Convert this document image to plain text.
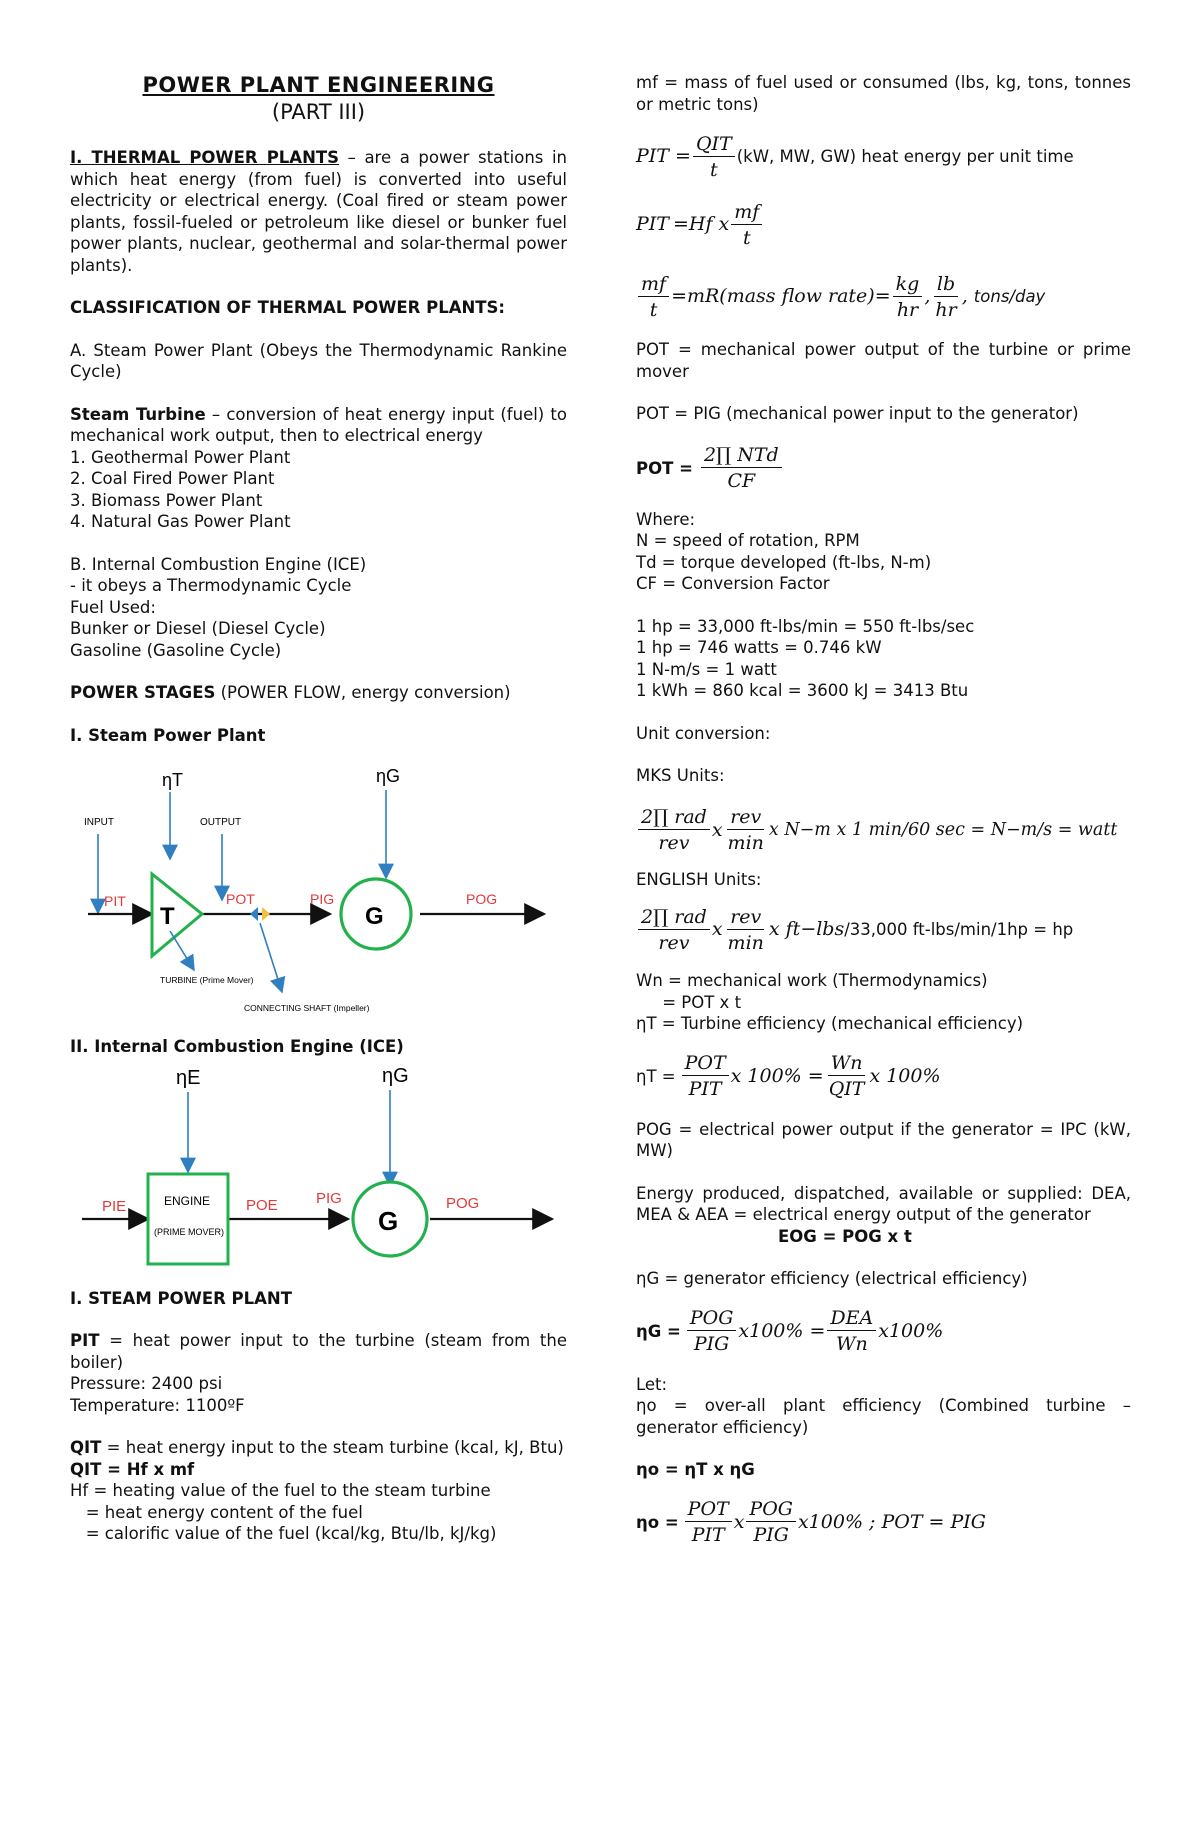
POWER PLANT ENGINEERING

(PART III)

I. THERMAL POWER PLANTS – are a power stations in which heat energy (from fuel) is converted into useful electricity or electrical energy. (Coal fired or steam power plants, fossil-fueled or petroleum like diesel or bunker fuel power plants, nuclear, geothermal and solar-thermal power plants).

CLASSIFICATION OF THERMAL POWER PLANTS:

A. Steam Power Plant (Obeys the Thermodynamic Rankine Cycle)

Steam Turbine – conversion of heat energy input (fuel) to mechanical work output, then to electrical energy

1. Geothermal Power Plant

2. Coal Fired Power Plant

3. Biomass Power Plant

4. Natural Gas Power Plant

B. Internal Combustion Engine (ICE)

- it obeys a Thermodynamic Cycle

Fuel Used:

Bunker or Diesel (Diesel Cycle)

Gasoline (Gasoline Cycle)

POWER STAGES (POWER FLOW, energy conversion)

I. Steam Power Plant

ηT	ηG
INPUT	OUTPUT
T	G
PIT	POT	PIG	POG
TURBINE (Prime Mover)
CONNECTING SHAFT (Impeller)

II. Internal Combustion Engine (ICE)

ηE	ηG
ENGINE
(PRIME MOVER)	G
PIE	POE	PIG	POG

I. STEAM POWER PLANT

PIT = heat power input to the turbine (steam from the boiler)

Pressure: 2400 psi

Temperature: 1100ºF

QIT = heat energy input to the steam turbine (kcal, kJ, Btu)

QIT = Hf x mf

Hf = heating value of the fuel to the steam turbine

= heat energy content of the fuel

= calorific value of the fuel (kcal/kg, Btu/lb, kJ/kg)

mf = mass of fuel used or consumed (lbs, kg, tons, tonnes or metric tons)

PIT = $\frac{\text{QIT}}{t} (kW$, MW, GW) heat energy per unit time
PIT =Hf x $\frac{mf}{t}$
$\frac{mf}{t}$ =mR(mass flow rate)= $\frac{kg}{hr}$ , $\frac{lb}{hr}$ , tons/day

POT = mechanical power output of the turbine or prime mover

POT = PIG (mechanical power input to the generator)

POT = $\frac{\text{2∏ NTd}}{CF}$

Where:

N = speed of rotation, RPM

Td = torque developed (ft-lbs, N-m)

CF = Conversion Factor

1 hp = 33,000 ft-lbs/min = 550 ft-lbs/sec

1 hp = 746 watts = 0.746 kW

1 N-m/s = 1 watt

1 kWh = 860 kcal = 3600 kJ = 3413 Btu

Unit conversion:

MKS Units:

$\frac{\text{2∏ rad}}{\text{rev}}$ x $\frac{\text{rev}}{\min}$ x N−m x 1 min/60 sec = N−m/s = watt

ENGLISH Units:

$\frac{\text{2∏ rad}}{\text{rev}}$ x $\frac{\text{rev}}{\min}$ x ft−lbs /33,000 ft-lbs/min/1hp = hp

Wn = mechanical work (Thermodynamics)

= POT x t

ηT = Turbine efficiency (mechanical efficiency)

$\eta T = \frac{\text{POT}}{\text{PIT}}$ x $100\% = \frac{Wn}{\text{QIT}}$ x 100%

POG = electrical power output if the generator = IPC (kW, MW)

Energy produced, dispatched, available or supplied: DEA, MEA & AEA = electrical energy output of the generator

EOG = POG x t

ηG = generator efficiency (electrical efficiency)

$\eta G = \frac{\text{POG}}{\text{PIG}} x100\% = \frac{\text{DEA}}{Wn} x100\%$

Let:

ηo = over-all plant efficiency (Combined turbine – generator efficiency)

ηo = ηT x ηG

$\eta o = \frac{\text{POT}}{\text{PIT}}$ x $\frac{\text{POG}}{\text{PIG}} x100\%$ ; POT = PIG
